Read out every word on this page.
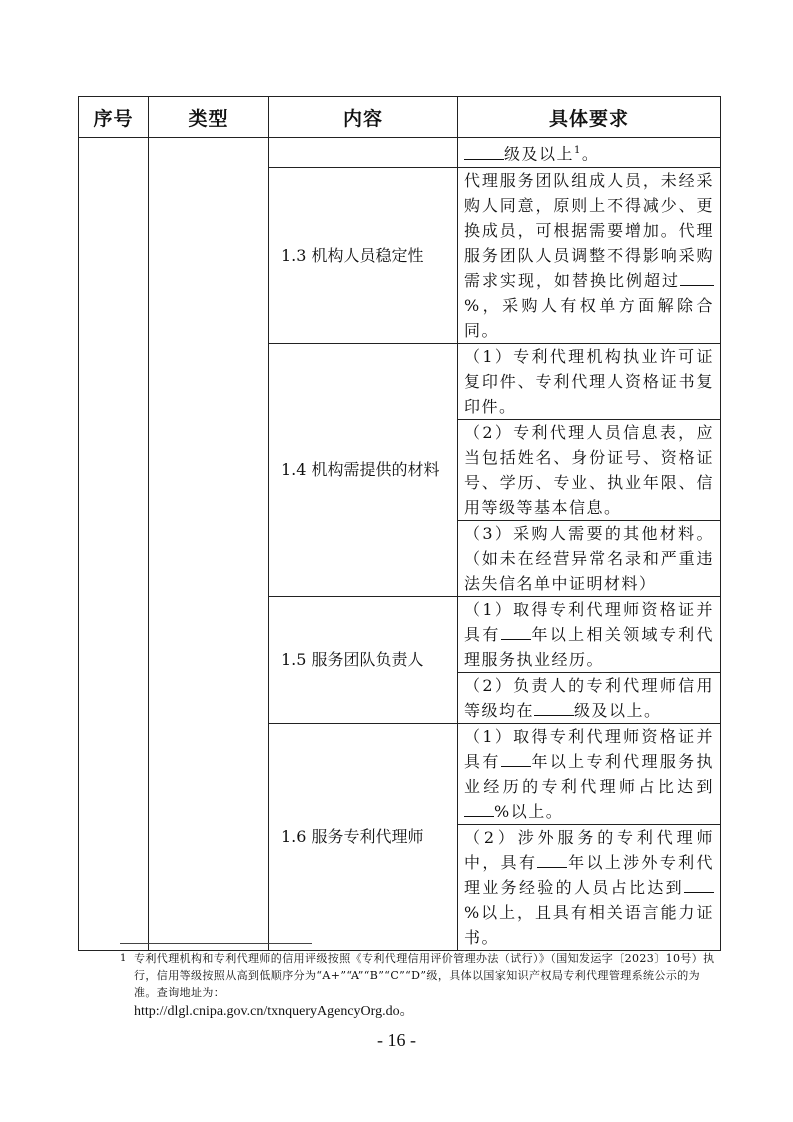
序号	类型	内容	具体要求
			级及以上$^1$。
		1.3 机构人员稳定性	代理服务团队组成人员，未经采购人同意，原则上不得减少、更换成员，可根据需要增加。代理服务团队人员调整不得影响采购需求实现，如替换比例超过%，采购人有权单方面解除合同。
		1.4 机构需提供的材料	（1）专利代理机构执业许可证复印件、专利代理人资格证书复印件。
			（2）专利代理人员信息表，应当包括姓名、身份证号、资格证号、学历、专业、执业年限、信用等级等基本信息。
			（3）采购人需要的其他材料。（如未在经营异常名录和严重违法失信名单中证明材料）
		1.5 服务团队负责人	（1）取得专利代理师资格证并具有 年以上相关领域专利代理服务执业经历。
			（2）负责人的专利代理师信用等级均在 级及以上。
		1.6 服务专利代理师	（1）取得专利代理师资格证并具有 年以上专利代理服务执业经历的专利代理师占比达到%以上。
			（2）涉外服务的专利代理师中，具有 年以上涉外专利代理业务经验的人员占比达到%以上，且具有相关语言能力证书。
1 专利代理机构和专利代理师的信用评级按照《专利代理信用评价管理办法（试行）》（国知发运字〔2023〕10号）执行，信用等级按照从高到低顺序分为“A+”“A”“B”“C”“D”级，具体以国家知识产权局专利代理管理系统公示的为准。查询地址为：
http://dlgl.cnipa.gov.cn/txnqueryAgencyOrg.do。
- 16 -
